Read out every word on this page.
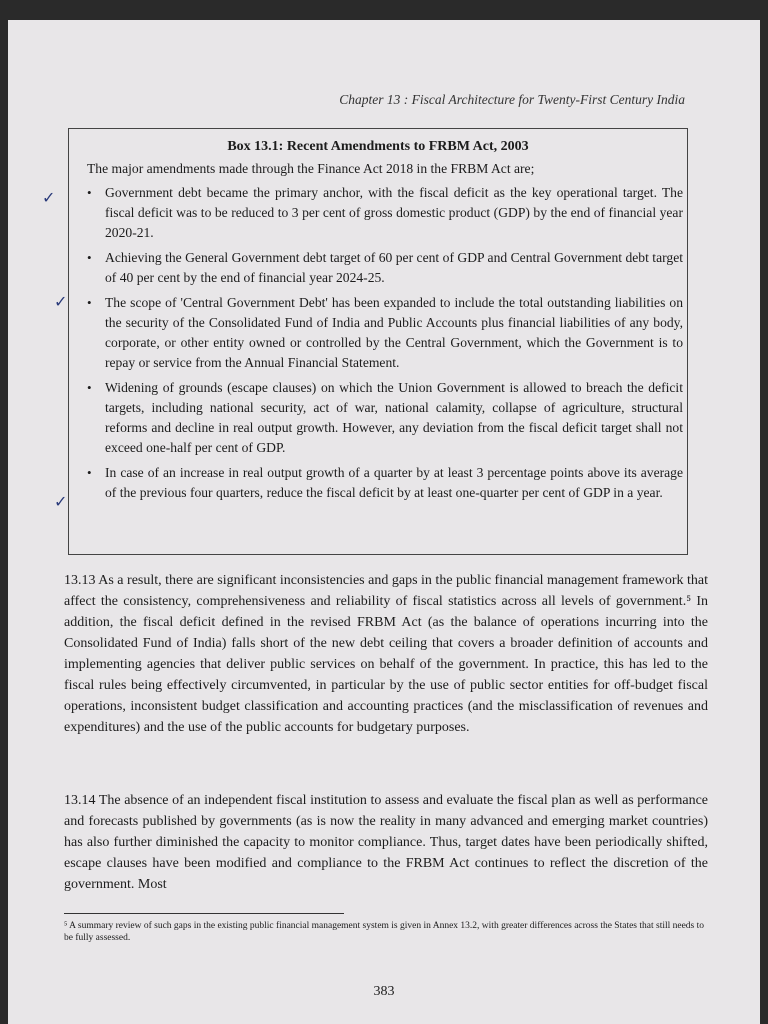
Chapter 13 : Fiscal Architecture for Twenty-First Century India
Box 13.1: Recent Amendments to FRBM Act, 2003
The major amendments made through the Finance Act 2018 in the FRBM Act are;
• Government debt became the primary anchor, with the fiscal deficit as the key operational target. The fiscal deficit was to be reduced to 3 per cent of gross domestic product (GDP) by the end of financial year 2020-21.
• Achieving the General Government debt target of 60 per cent of GDP and Central Government debt target of 40 per cent by the end of financial year 2024-25.
• The scope of 'Central Government Debt' has been expanded to include the total outstanding liabilities on the security of the Consolidated Fund of India and Public Accounts plus financial liabilities of any body, corporate, or other entity owned or controlled by the Central Government, which the Government is to repay or service from the Annual Financial Statement.
• Widening of grounds (escape clauses) on which the Union Government is allowed to breach the deficit targets, including national security, act of war, national calamity, collapse of agriculture, structural reforms and decline in real output growth. However, any deviation from the fiscal deficit target shall not exceed one-half per cent of GDP.
• In case of an increase in real output growth of a quarter by at least 3 percentage points above its average of the previous four quarters, reduce the fiscal deficit by at least one-quarter per cent of GDP in a year.
✓
✓
✓
13.13 As a result, there are significant inconsistencies and gaps in the public financial management framework that affect the consistency, comprehensiveness and reliability of fiscal statistics across all levels of government.⁵ In addition, the fiscal deficit defined in the revised FRBM Act (as the balance of operations incurring into the Consolidated Fund of India) falls short of the new debt ceiling that covers a broader definition of accounts and implementing agencies that deliver public services on behalf of the government. In practice, this has led to the fiscal rules being effectively circumvented, in particular by the use of public sector entities for off-budget fiscal operations, inconsistent budget classification and accounting practices (and the misclassification of revenues and expenditures) and the use of the public accounts for budgetary purposes.
13.14 The absence of an independent fiscal institution to assess and evaluate the fiscal plan as well as performance and forecasts published by governments (as is now the reality in many advanced and emerging market countries) has also further diminished the capacity to monitor compliance. Thus, target dates have been periodically shifted, escape clauses have been modified and compliance to the FRBM Act continues to reflect the discretion of the government. Most
⁵ A summary review of such gaps in the existing public financial management system is given in Annex 13.2, with greater differences across the States that still needs to be fully assessed.
383
